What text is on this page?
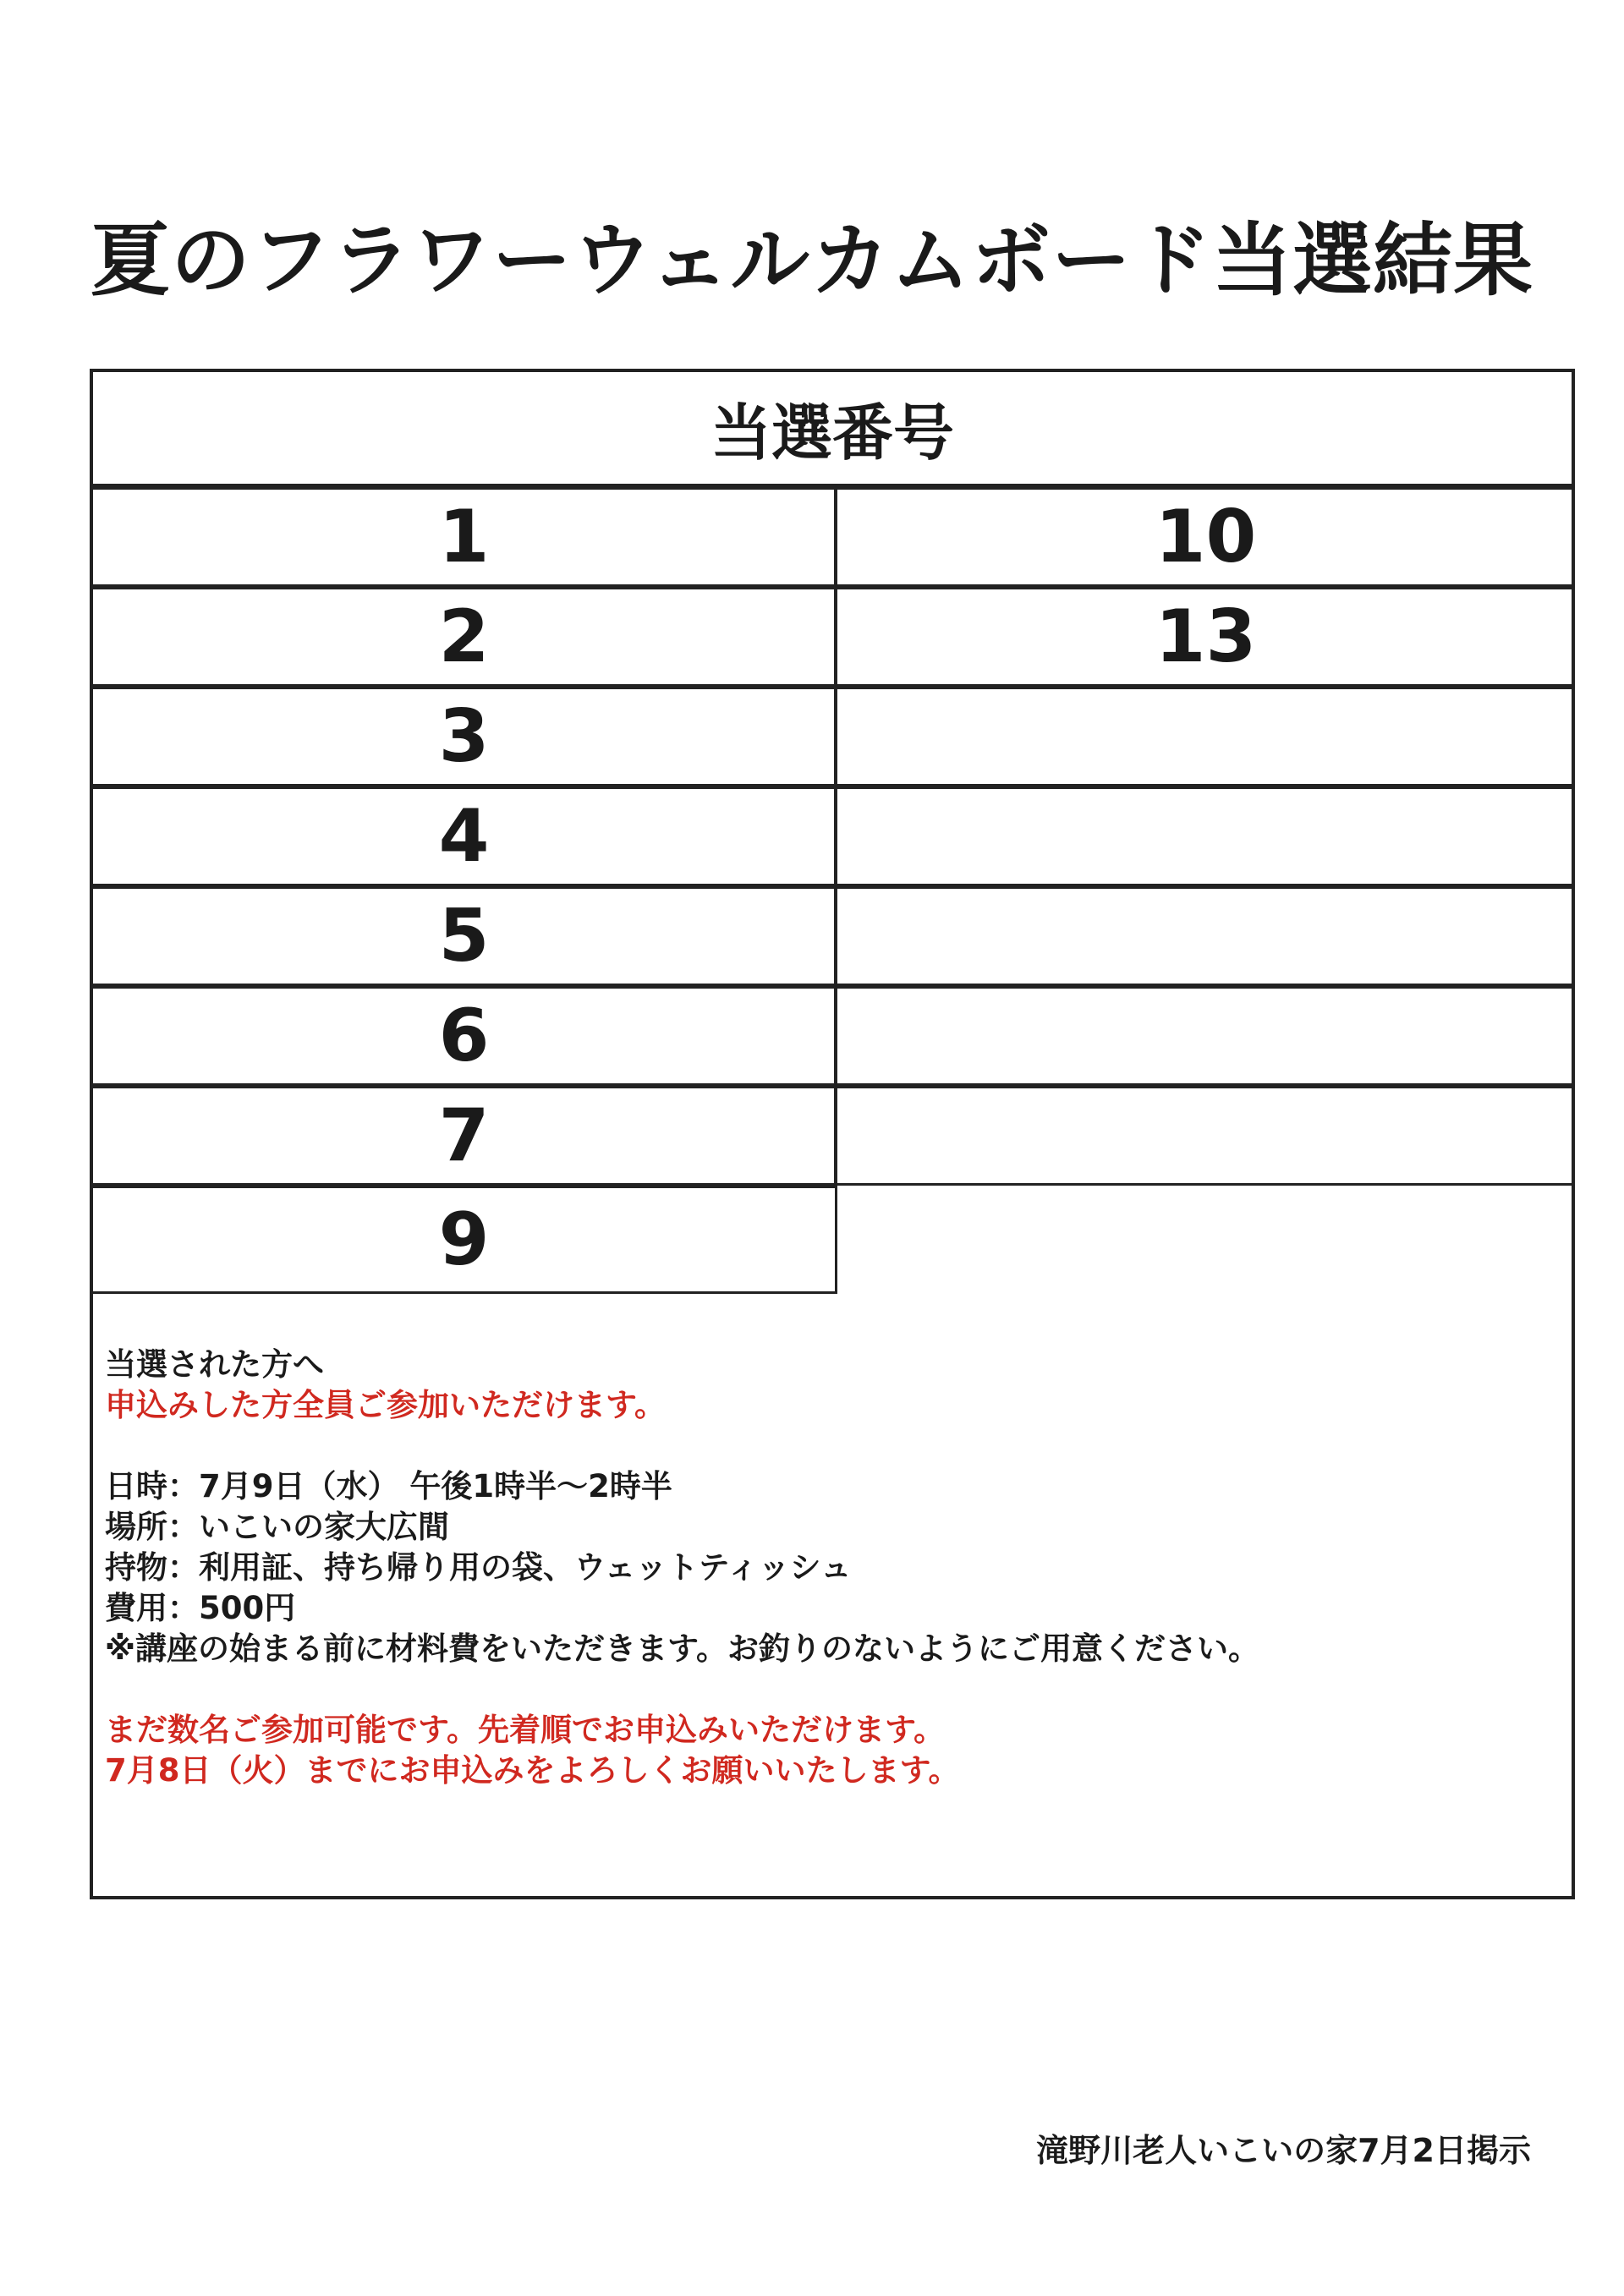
夏のフラワーウェルカムボード当選結果
当選番号
1
2
3
4
5
6
7
9
10
13
当選された方へ
申込みした方全員ご参加いただけます。
日時：7月9日（水） 午後1時半～2時半
場所：いこいの家大広間
持物：利用証、持ち帰り用の袋、ウェットティッシュ
費用：500円
※講座の始まる前に材料費をいただきます。お釣りのないようにご用意ください。
まだ数名ご参加可能です。先着順でお申込みいただけます。
7月8日（火）までにお申込みをよろしくお願いいたします。
滝野川老人いこいの家7月2日掲示
